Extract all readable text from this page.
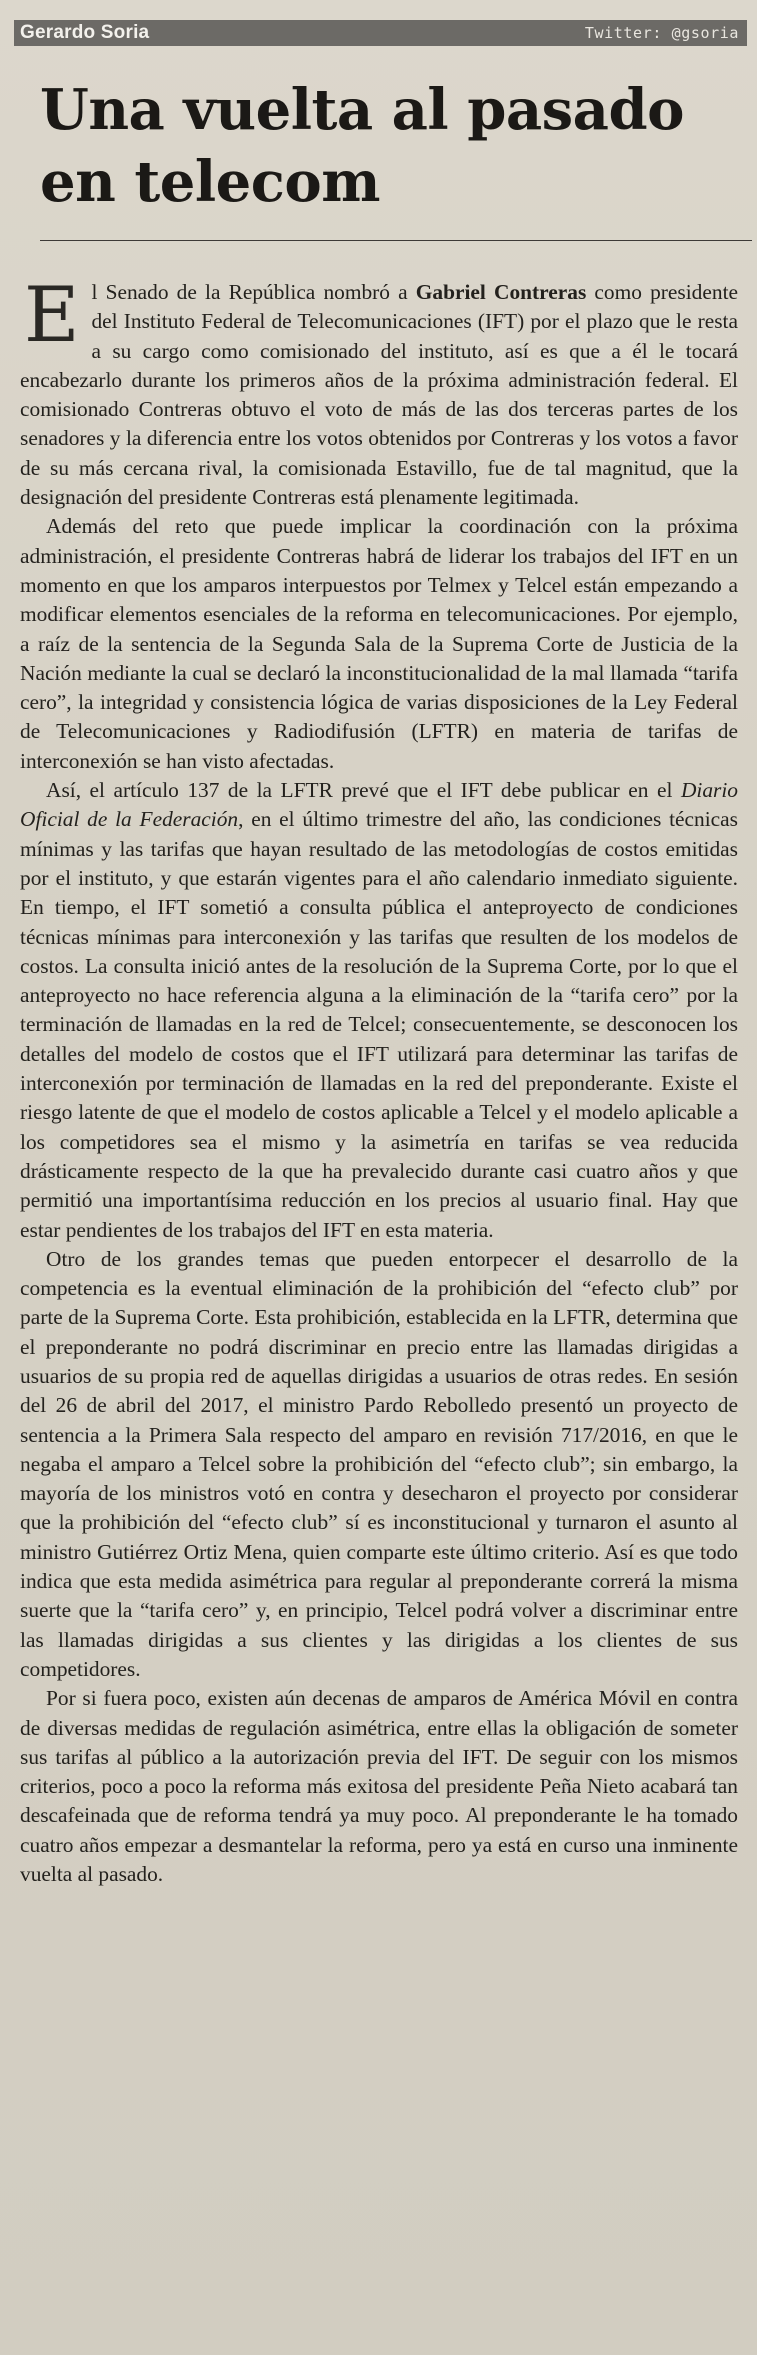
Gerardo Soria	Twitter: @gsoria
Una vuelta al pasado en telecom

El Senado de la República nombró a Gabriel Contreras como presidente del Instituto Federal de Telecomunicaciones (IFT) por el plazo que le resta a su cargo como comisionado del instituto, así es que a él le tocará encabezarlo durante los primeros años de la próxima administración federal. El comisionado Contreras obtuvo el voto de más de las dos terceras partes de los senadores y la diferencia entre los votos obtenidos por Contreras y los votos a favor de su más cercana rival, la comisionada Estavillo, fue de tal magnitud, que la designación del presidente Contreras está plenamente legitimada.

Además del reto que puede implicar la coordinación con la próxima administración, el presidente Contreras habrá de liderar los trabajos del IFT en un momento en que los amparos interpuestos por Telmex y Telcel están empezando a modificar elementos esenciales de la reforma en telecomunicaciones. Por ejemplo, a raíz de la sentencia de la Segunda Sala de la Suprema Corte de Justicia de la Nación mediante la cual se declaró la inconstitucionalidad de la mal llamada “tarifa cero”, la integridad y consistencia lógica de varias disposiciones de la Ley Federal de Telecomunicaciones y Radiodifusión (LFTR) en materia de tarifas de interconexión se han visto afectadas.

Así, el artículo 137 de la LFTR prevé que el IFT debe publicar en el Diario Oficial de la Federación, en el último trimestre del año, las condiciones técnicas mínimas y las tarifas que hayan resultado de las metodologías de costos emitidas por el instituto, y que estarán vigentes para el año calendario inmediato siguiente. En tiempo, el IFT sometió a consulta pública el anteproyecto de condiciones técnicas mínimas para interconexión y las tarifas que resulten de los modelos de costos. La consulta inició antes de la resolución de la Suprema Corte, por lo que el anteproyecto no hace referencia alguna a la eliminación de la “tarifa cero” por la terminación de llamadas en la red de Telcel; consecuentemente, se desconocen los detalles del modelo de costos que el IFT utilizará para determinar las tarifas de interconexión por terminación de llamadas en la red del preponderante. Existe el riesgo latente de que el modelo de costos aplicable a Telcel y el modelo aplicable a los competidores sea el mismo y la asimetría en tarifas se vea reducida drásticamente respecto de la que ha prevalecido durante casi cuatro años y que permitió una importantísima reducción en los precios al usuario final. Hay que estar pendientes de los trabajos del IFT en esta materia.

Otro de los grandes temas que pueden entorpecer el desarrollo de la competencia es la eventual eliminación de la prohibición del “efecto club” por parte de la Suprema Corte. Esta prohibición, establecida en la LFTR, determina que el preponderante no podrá discriminar en precio entre las llamadas dirigidas a usuarios de su propia red de aquellas dirigidas a usuarios de otras redes. En sesión del 26 de abril del 2017, el ministro Pardo Rebolledo presentó un proyecto de sentencia a la Primera Sala respecto del amparo en revisión 717/2016, en que le negaba el amparo a Telcel sobre la prohibición del “efecto club”; sin embargo, la mayoría de los ministros votó en contra y desecharon el proyecto por considerar que la prohibición del “efecto club” sí es inconstitucional y turnaron el asunto al ministro Gutiérrez Ortiz Mena, quien comparte este último criterio. Así es que todo indica que esta medida asimétrica para regular al preponderante correrá la misma suerte que la “tarifa cero” y, en principio, Telcel podrá volver a discriminar entre las llamadas dirigidas a sus clientes y las dirigidas a los clientes de sus competidores.

Por si fuera poco, existen aún decenas de amparos de América Móvil en contra de diversas medidas de regulación asimétrica, entre ellas la obligación de someter sus tarifas al público a la autorización previa del IFT. De seguir con los mismos criterios, poco a poco la reforma más exitosa del presidente Peña Nieto acabará tan descafeinada que de reforma tendrá ya muy poco. Al preponderante le ha tomado cuatro años empezar a desmantelar la reforma, pero ya está en curso una inminente vuelta al pasado.
